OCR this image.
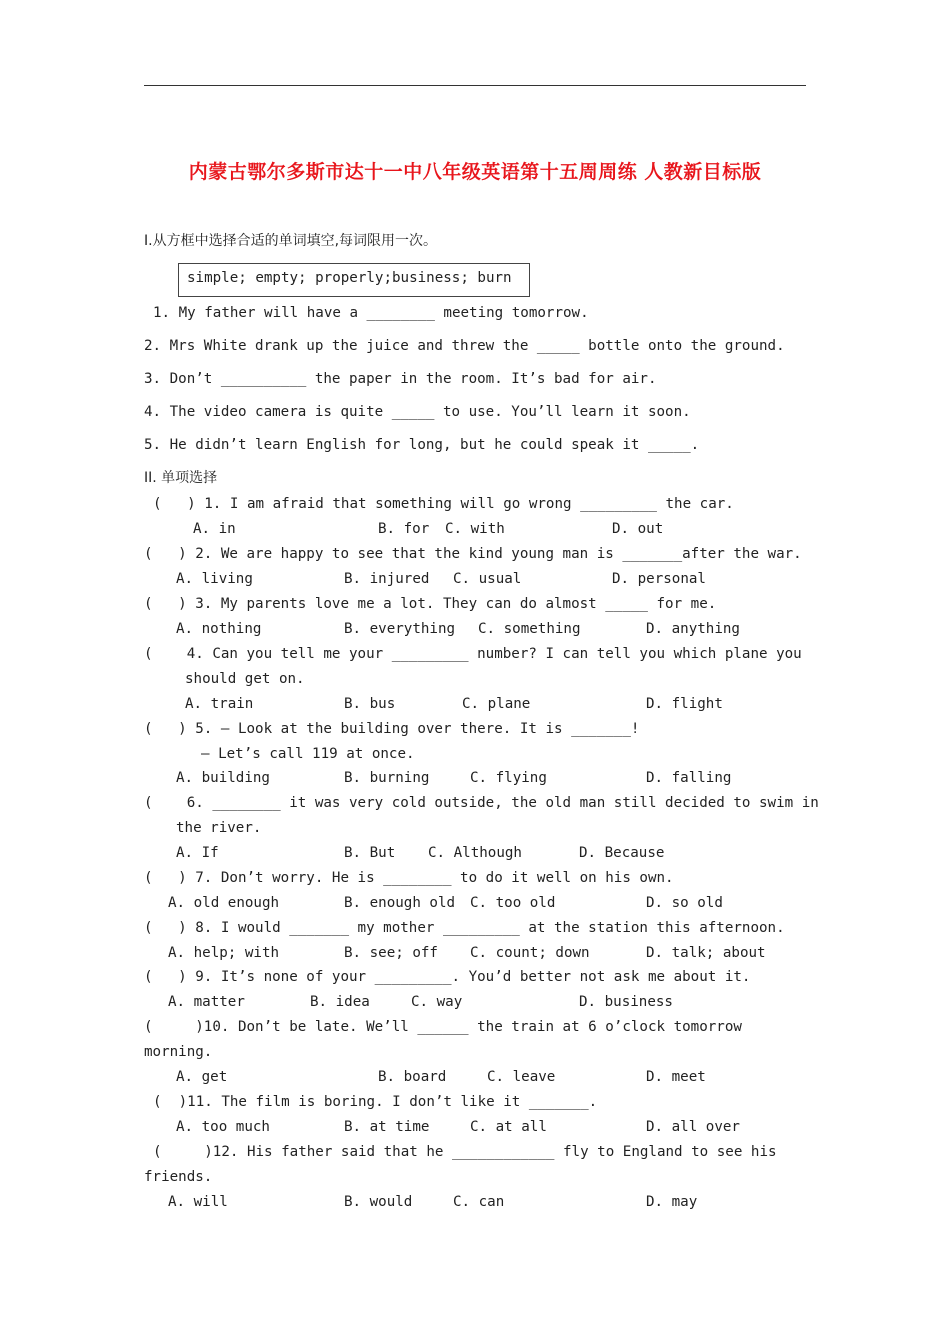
内蒙古鄂尔多斯市达十一中八年级英语第十五周周练 人教新目标版
I.从方框中选择合适的单词填空,每词限用一次。
simple; empty; properly;business; burn
1. My father will have a ________ meeting tomorrow.
2. Mrs White drank up the juice and threw the _____ bottle onto the ground.
3. Don’t __________ the paper in the room. It’s bad for air.
4. The video camera is quite _____ to use. You’ll learn it soon.
5. He didn’t learn English for long, but he could speak it _____.
II. 单项选择
(   ) 1. I am afraid that something will go wrong _________ the car.
A. in	B. for C. with	D. out
(   ) 2. We are happy to see that the kind young man is _______after the war.
A. living	B. injured C. usual	D. personal
(   ) 3. My parents love me a lot. They can do almost _____ for me.
A. nothing	B. everything C. something	D. anything
(    4. Can you tell me your _________ number? I can tell you which plane you
should get on.
A. train	B. bus	C. plane	D. flight
(   ) 5. — Look at the building over there. It is _______!
— Let’s call 119 at once.
A. building	B. burning	C. flying	D. falling
(    6. ________ it was very cold outside, the old man still decided to swim in
the river.
A. If	B. But C. Although	D. Because
(   ) 7. Don’t worry. He is ________ to do it well on his own.
A. old enough	B. enough old C. too old	D. so old
(   ) 8. I would _______ my mother _________ at the station this afternoon.
A. help; with	B. see; off C. count; down	D. talk; about
(   ) 9. It’s none of your _________. You’d better not ask me about it.
A. matter	B. idea	C. way	D. business
(     )10. Don’t be late. We’ll ______ the train at 6 o’clock tomorrow
morning.
A. get	B. board	C. leave	D. meet
(  )11. The film is boring. I don’t like it _______.
A. too much	B. at time	C. at all	D. all over
(     )12. His father said that he ____________ fly to England to see his
friends.
A. will	B. would	C. can	D. may
